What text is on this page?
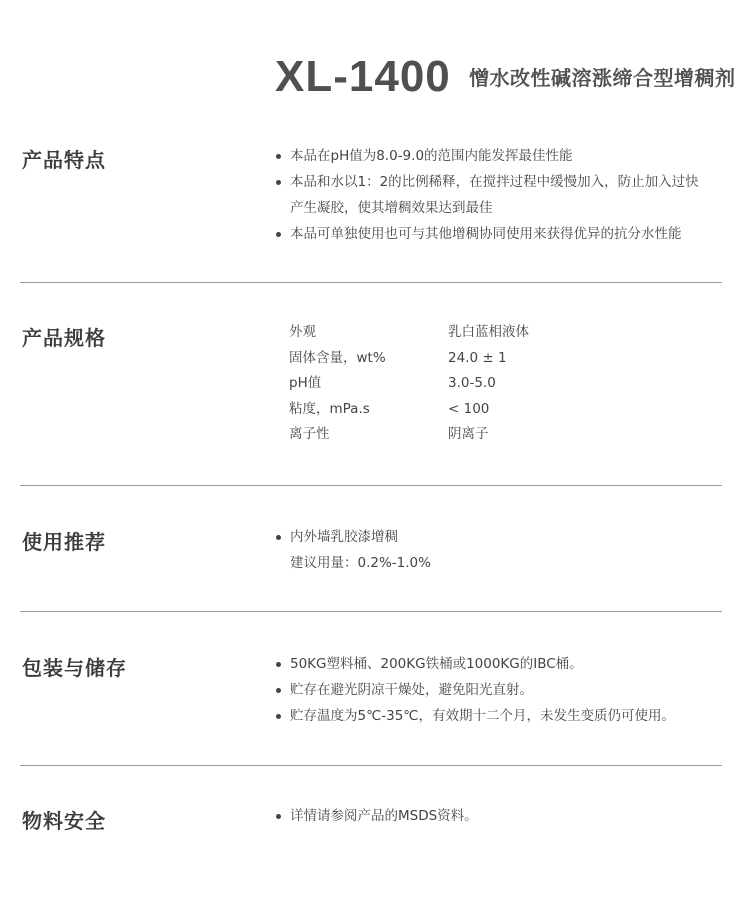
XL-1400 憎水改性碱溶涨缔合型增稠剂
产品特点	本品在pH值为8.0-9.0的范围内能发挥最佳性能
本品和水以1：2的比例稀释，在搅拌过程中缓慢加入，防止加入过快
产生凝胶，使其增稠效果达到最佳
本品可单独使用也可与其他增稠协同使用来获得优异的抗分水性能
产品规格	外观	乳白蓝相液体
固体含量，wt%	24.0 ± 1
pH值	3.0-5.0
粘度，mPa.s	< 100
离子性	阴离子
使用推荐	内外墙乳胶漆增稠
建议用量：0.2%-1.0%
包装与储存	50KG塑料桶、200KG铁桶或1000KG的IBC桶。
贮存在避光阴凉干燥处，避免阳光直射。
贮存温度为5℃-35℃，有效期十二个月，未发生变质仍可使用。
物料安全	详情请参阅产品的MSDS资料。
